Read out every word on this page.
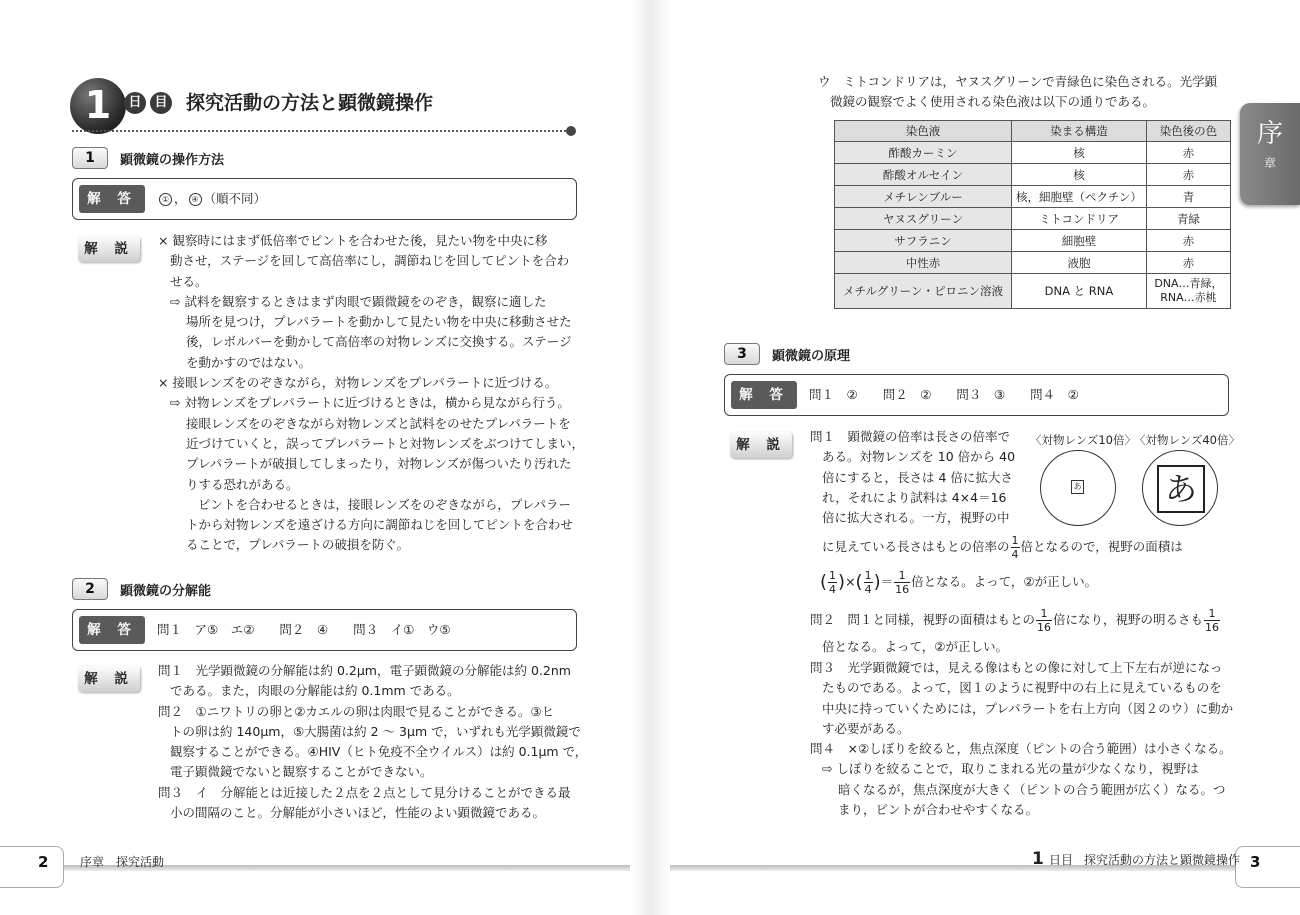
1	日 目 探究活動の方法と顕微鏡操作
1	顕微鏡の操作方法
解 答	① ， ④ （順不同）
解 説
× 観察時にはまず低倍率でピントを合わせた後，見たい物を中央に移
動させ，ステージを回して高倍率にし，調節ねじを回してピントを合わ
せる。
⇨ 試料を観察するときはまず肉眼で顕微鏡をのぞき，観察に適した
場所を見つけ，プレパラートを動かして見たい物を中央に移動させた
後，レボルバーを動かして高倍率の対物レンズに交換する。ステージ
を動かすのではない。
× 接眼レンズをのぞきながら，対物レンズをプレパラートに近づける。
⇨ 対物レンズをプレパラートに近づけるときは，横から見ながら行う。
接眼レンズをのぞきながら対物レンズと試料をのせたプレパラートを
近づけていくと，誤ってプレパラートと対物レンズをぶつけてしまい，
プレパラートが破損してしまったり，対物レンズが傷ついたり汚れた
りする恐れがある。
ピントを合わせるときは，接眼レンズをのぞきながら，プレパラー
トから対物レンズを遠ざける方向に調節ねじを回してピントを合わせ
ることで，プレパラートの破損を防ぐ。
2	顕微鏡の分解能
解 答	問１　ア⑤　エ②　　問２　④　　問３　イ①　ウ⑤
解 説
問１　光学顕微鏡の分解能は約 0.2μm，電子顕微鏡の分解能は約 0.2nm
である。また，肉眼の分解能は約 0.1mm である。
問２　①ニワトリの卵と②カエルの卵は肉眼で見ることができる。③ヒ
トの卵は約 140μm，⑤大腸菌は約 2 ～ 3μm で，いずれも光学顕微鏡で
観察することができる。④HIV（ヒト免疫不全ウイルス）は約 0.1μm で，
電子顕微鏡でないと観察することができない。
問３　イ　分解能とは近接した２点を２点として見分けることができる最
小の間隔のこと。分解能が小さいほど，性能のよい顕微鏡である。
2	序章　探究活動
ウ　ミトコンドリアは，ヤヌスグリーンで青緑色に染色される。光学顕
微鏡の観察でよく使用される染色液は以下の通りである。
染色液	染まる構造	染色後の色
酢酸カーミン	核	赤
酢酸オルセイン	核	赤
メチレンブルー	核，細胞壁（ペクチン）	青
ヤヌスグリーン	ミトコンドリア	青緑
サフラニン	細胞壁	赤
中性赤	液胞	赤
メチルグリーン・ピロニン溶液	DNA と RNA	DNA…青緑，
RNA…赤桃
序
章
3	顕微鏡の原理
解 答	問１　②　　問２　②　　問３　③　　問４　②
解 説
問１　顕微鏡の倍率は長さの倍率で
ある。対物レンズを 10 倍から 40
倍にすると，長さは 4 倍に拡大さ
れ，それにより試料は 4×4＝16
倍に拡大される。一方，視野の中
〈対物レンズ10倍〉
〈対物レンズ40倍〉
あ	あ
に見えている長さはもとの倍率の $\frac{1}{4}$ 倍となるので，視野の面積は
( $\frac{1}{4}$ )×( $\frac{1}{4}$ )＝ $\frac{1}{16}$ 倍となる。よって，②が正しい。
問２　問１と同様，視野の面積はもとの $\frac{1}{16}$ 倍になり，視野の明るさも $\frac{1}{16}$
倍となる。よって，②が正しい。
問３　光学顕微鏡では，見える像はもとの像に対して上下左右が逆になっ
たものである。よって，図１のように視野中の右上に見えているものを
中央に持っていくためには，プレパラートを右上方向（図２のウ）に動か
す必要がある。
問４　×②しぼりを絞ると，焦点深度（ピントの合う範囲）は小さくなる。
⇨ しぼりを絞ることで，取りこまれる光の量が少なくなり，視野は
暗くなるが，焦点深度が大きく（ピントの合う範囲が広く）なる。つ
まり，ピントが合わせやすくなる。
1 日目 探究活動の方法と顕微鏡操作 3
